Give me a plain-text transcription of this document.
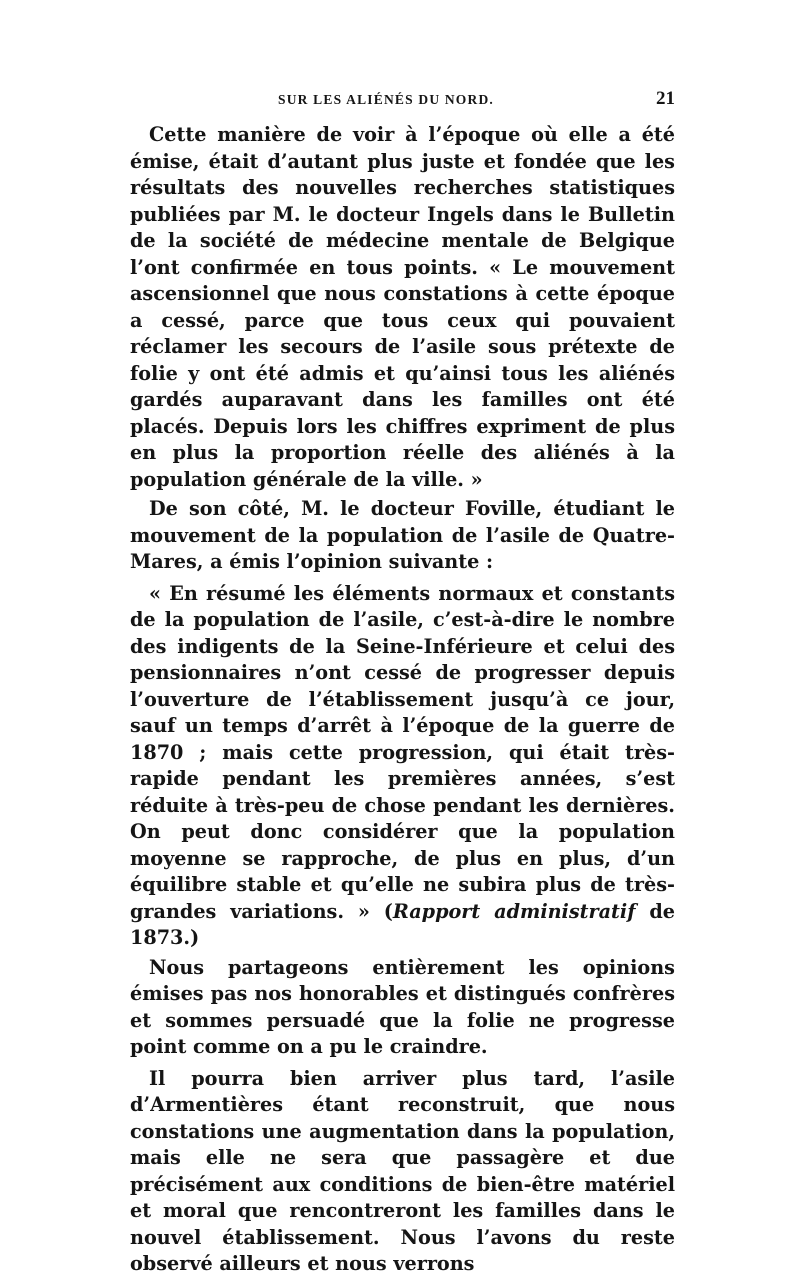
SUR LES ALIÉNÉS DU NORD.	21

Cette manière de voir à l’époque où elle a été émise, était d’autant plus juste et fondée que les résultats des nouvelles recherches statistiques publiées par M. le docteur Ingels dans le Bulletin de la société de médecine mentale de Belgique l’ont confirmée en tous points. « Le mouvement ascensionnel que nous constations à cette époque a cessé, parce que tous ceux qui pouvaient réclamer les secours de l’asile sous prétexte de folie y ont été admis et qu’ainsi tous les aliénés gardés auparavant dans les familles ont été placés. Depuis lors les chiffres expriment de plus en plus la proportion réelle des aliénés à la population générale de la ville. »

De son côté, M. le docteur Foville, étudiant le mouvement de la population de l’asile de Quatre-Mares, a émis l’opinion suivante :

« En résumé les éléments normaux et constants de la population de l’asile, c’est-à-dire le nombre des indigents de la Seine-Inférieure et celui des pensionnaires n’ont cessé de progresser depuis l’ouverture de l’établissement jusqu’à ce jour, sauf un temps d’arrêt à l’époque de la guerre de 1870 ; mais cette progression, qui était très-rapide pendant les premières années, s’est réduite à très-peu de chose pendant les dernières. On peut donc considérer que la population moyenne se rapproche, de plus en plus, d’un équilibre stable et qu’elle ne subira plus de très-grandes variations. » (Rapport administratif de 1873.)

Nous partageons entièrement les opinions émises pas nos honorables et distingués confrères et sommes persuadé que la folie ne progresse point comme on a pu le craindre.

Il pourra bien arriver plus tard, l’asile d’Armentières étant reconstruit, que nous constations une augmentation dans la population, mais elle ne sera que passagère et due précisément aux conditions de bien-être matériel et moral que rencontreront les familles dans le nouvel établissement. Nous l’avons du reste observé ailleurs et nous verrons
